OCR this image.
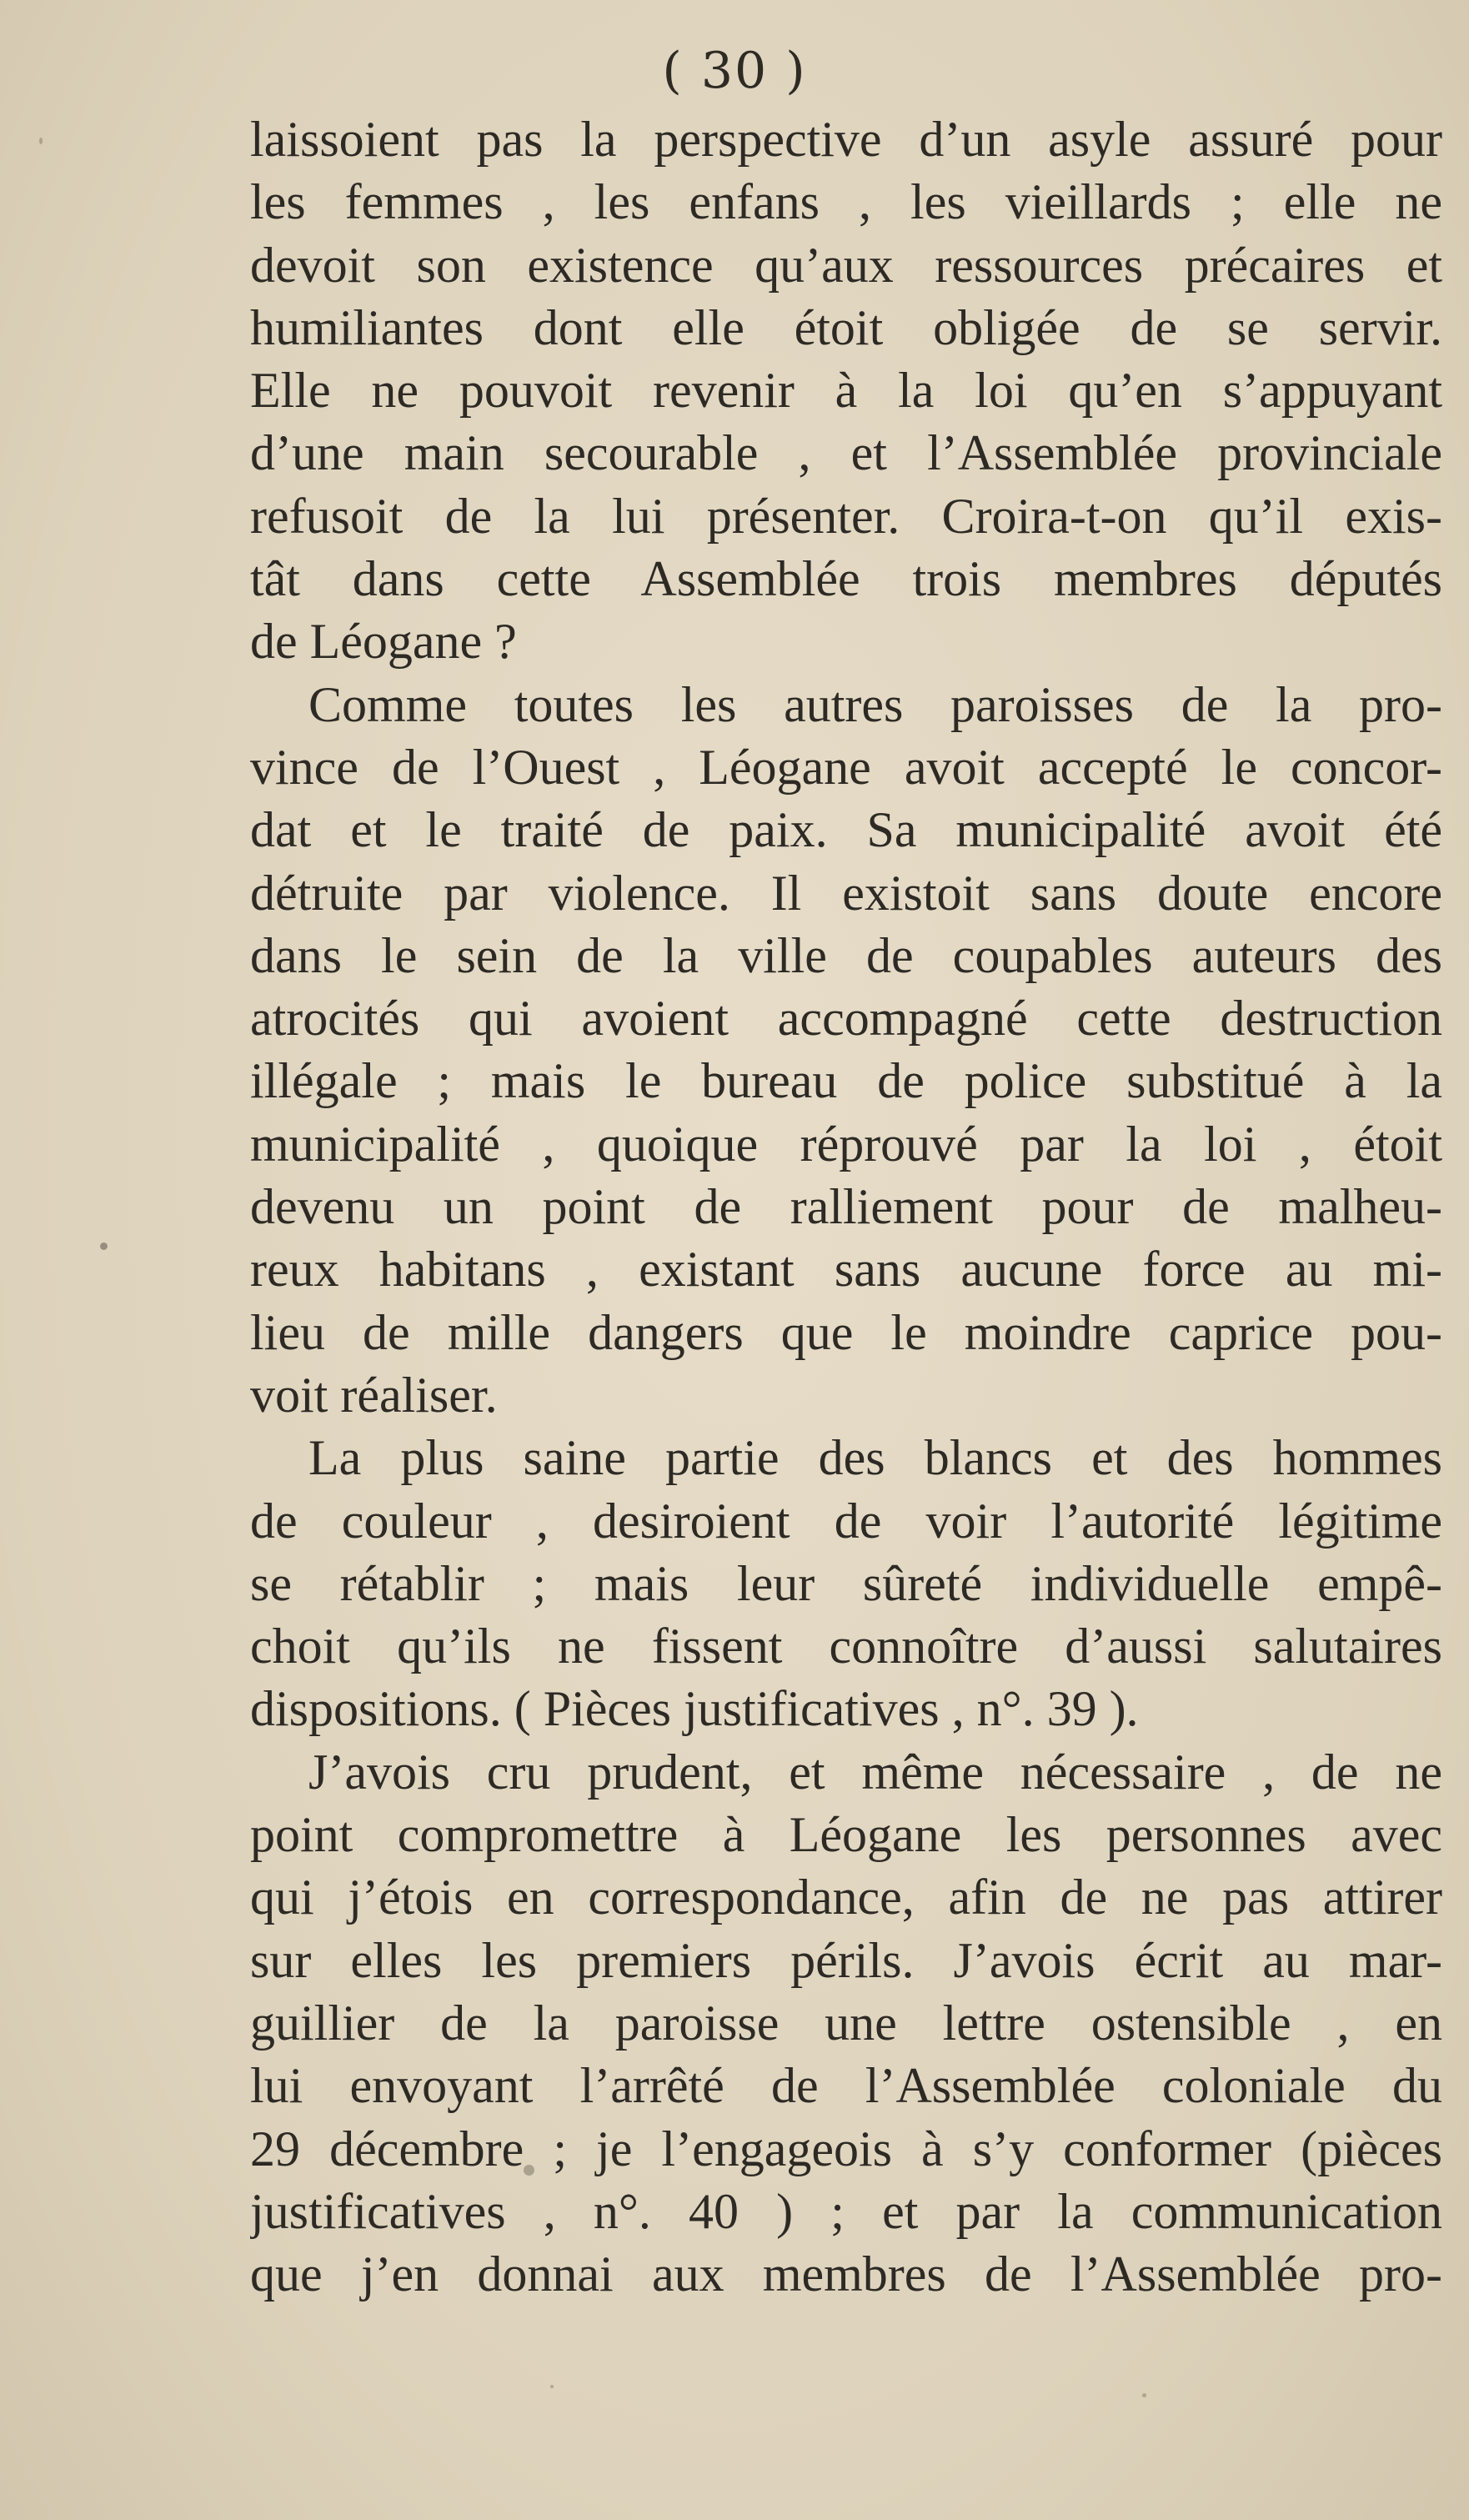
( 30 )
laissoient pas la perspective d’un asyle assuré pour
les femmes , les enfans , les vieillards ; elle ne
devoit son existence qu’aux ressources précaires et
humiliantes dont elle étoit obligée de se servir.
Elle ne pouvoit revenir à la loi qu’en s’appuyant
d’une main secourable , et l’Assemblée provinciale
refusoit de la lui présenter. Croira-t-on qu’il exis-
tât dans cette Assemblée trois membres députés
de Léogane ?
Comme toutes les autres paroisses de la pro-
vince de l’Ouest , Léogane avoit accepté le concor-
dat et le traité de paix. Sa municipalité avoit été
détruite par violence. Il existoit sans doute encore
dans le sein de la ville de coupables auteurs des
atrocités qui avoient accompagné cette destruction
illégale ; mais le bureau de police substitué à la
municipalité , quoique réprouvé par la loi , étoit
devenu un point de ralliement pour de malheu-
reux habitans , existant sans aucune force au mi-
lieu de mille dangers que le moindre caprice pou-
voit réaliser.
La plus saine partie des blancs et des hommes
de couleur , desiroient de voir l’autorité légitime
se rétablir ; mais leur sûreté individuelle empê-
choit qu’ils ne fissent connoître d’aussi salutaires
dispositions. ( Pièces justificatives , n°. 39 ).
J’avois cru prudent, et même nécessaire , de ne
point compromettre à Léogane les personnes avec
qui j’étois en correspondance, afin de ne pas attirer
sur elles les premiers périls. J’avois écrit au mar-
guillier de la paroisse une lettre ostensible , en
lui envoyant l’arrêté de l’Assemblée coloniale du
29 décembre ; je l’engageois à s’y conformer (pièces
justificatives , n°. 40 ) ; et par la communication
que j’en donnai aux membres de l’Assemblée pro-
